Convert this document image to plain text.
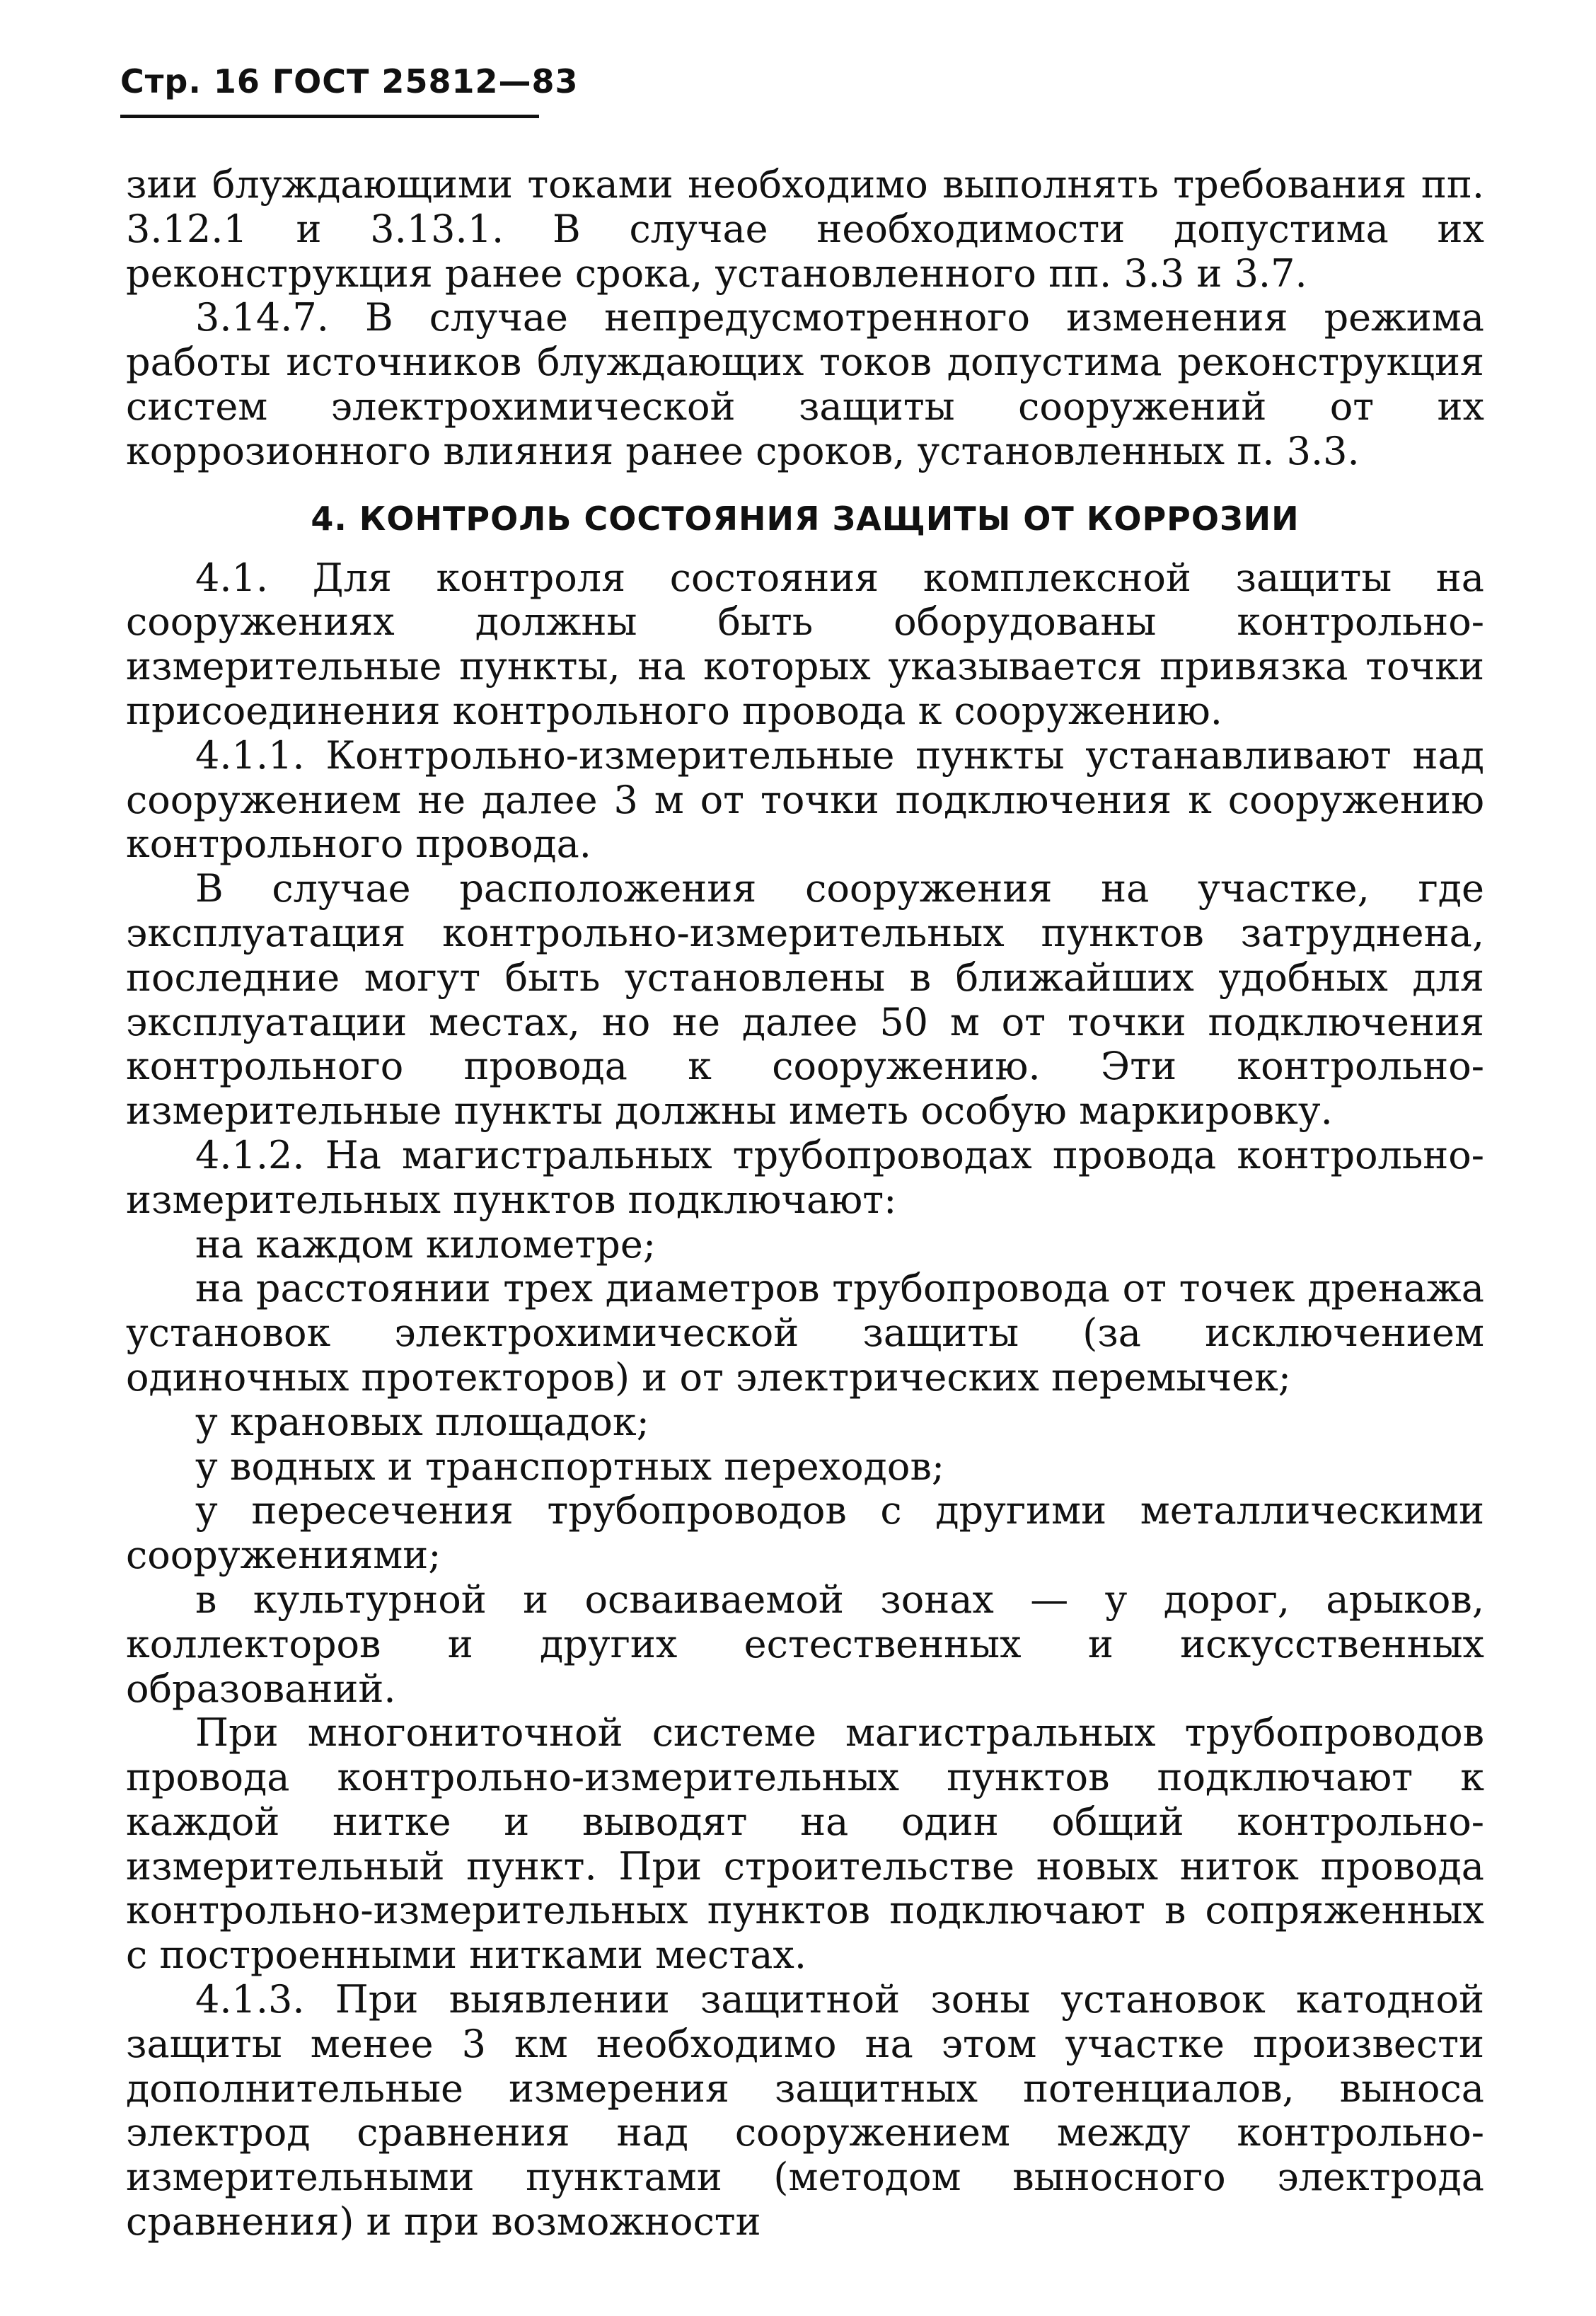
Стр. 16 ГОСТ 25812—83

зии блуждающими токами необходимо выполнять требования пп. 3.12.1 и 3.13.1. В случае необходимости допустима их реконструкция ранее срока, установленного пп. 3.3 и 3.7.

3.14.7. В случае непредусмотренного изменения режима работы источников блуждающих токов допустима реконструкция систем электрохимической защиты сооружений от их коррозионного влияния ранее сроков, установленных п. 3.3.

4. КОНТРОЛЬ СОСТОЯНИЯ ЗАЩИТЫ ОТ КОРРОЗИИ

4.1. Для контроля состояния комплексной защиты на сооружениях должны быть оборудованы контрольно-измерительные пункты, на которых указывается привязка точки присоединения контрольного провода к сооружению.

4.1.1. Контрольно-измерительные пункты устанавливают над сооружением не далее 3 м от точки подключения к сооружению контрольного провода.

В случае расположения сооружения на участке, где эксплуатация контрольно-измерительных пунктов затруднена, последние могут быть установлены в ближайших удобных для эксплуатации местах, но не далее 50 м от точки подключения контрольного провода к сооружению. Эти контрольно-измерительные пункты должны иметь особую маркировку.

4.1.2. На магистральных трубопроводах провода контрольно-измерительных пунктов подключают:

на каждом километре;

на расстоянии трех диаметров трубопровода от точек дренажа установок электрохимической защиты (за исключением одиночных протекторов) и от электрических перемычек;

у крановых площадок;

у водных и транспортных переходов;

у пересечения трубопроводов с другими металлическими сооружениями;

в культурной и осваиваемой зонах — у дорог, арыков, коллекторов и других естественных и искусственных образований.

При многониточной системе магистральных трубопроводов провода контрольно-измерительных пунктов подключают к каждой нитке и выводят на один общий контрольно-измерительный пункт. При строительстве новых ниток провода контрольно-измерительных пунктов подключают в сопряженных с построенными нитками местах.

4.1.3. При выявлении защитной зоны установок катодной защиты менее 3 км необходимо на этом участке произвести дополнительные измерения защитных потенциалов, выноса электрод сравнения над сооружением между контрольно-измерительными пунктами (методом выносного электрода сравнения) и при возможности
